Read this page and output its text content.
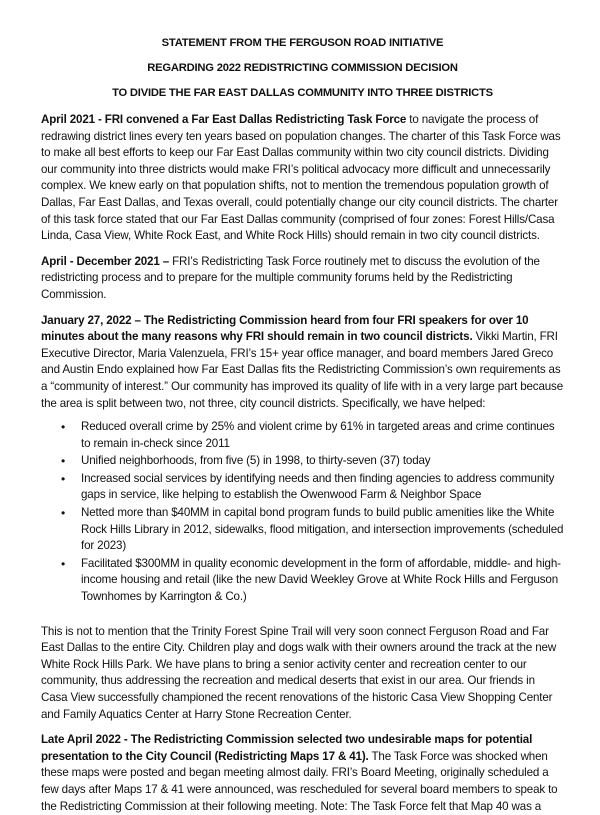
STATEMENT FROM THE FERGUSON ROAD INITIATIVE
REGARDING 2022 REDISTRICTING COMMISSION DECISION
TO DIVIDE THE FAR EAST DALLAS COMMUNITY INTO THREE DISTRICTS

April 2021 - FRI convened a Far East Dallas Redistricting Task Force to navigate the process of redrawing district lines every ten years based on population changes. The charter of this Task Force was to make all best efforts to keep our Far East Dallas community within two city council districts. Dividing our community into three districts would make FRI’s political advocacy more difficult and unnecessarily complex. We knew early on that population shifts, not to mention the tremendous population growth of Dallas, Far East Dallas, and Texas overall, could potentially change our city council districts. The charter of this task force stated that our Far East Dallas community (comprised of four zones: Forest Hills/Casa Linda, Casa View, White Rock East, and White Rock Hills) should remain in two city council districts.

April - December 2021 – FRI’s Redistricting Task Force routinely met to discuss the evolution of the redistricting process and to prepare for the multiple community forums held by the Redistricting Commission.

January 27, 2022 – The Redistricting Commission heard from four FRI speakers for over 10 minutes about the many reasons why FRI should remain in two council districts. Vikki Martin, FRI Executive Director, Maria Valenzuela, FRI’s 15+ year office manager, and board members Jared Greco and Austin Endo explained how Far East Dallas fits the Redistricting Commission’s own requirements as a “community of interest.” Our community has improved its quality of life with in a very large part because the area is split between two, not three, city council districts. Specifically, we have helped:

• Reduced overall crime by 25% and violent crime by 61% in targeted areas and crime continues to remain in-check since 2011
• Unified neighborhoods, from five (5) in 1998, to thirty-seven (37) today
• Increased social services by identifying needs and then finding agencies to address community gaps in service, like helping to establish the Owenwood Farm & Neighbor Space
• Netted more than $40MM in capital bond program funds to build public amenities like the White Rock Hills Library in 2012, sidewalks, flood mitigation, and intersection improvements (scheduled for 2023)
• Facilitated $300MM in quality economic development in the form of affordable, middle- and high-income housing and retail (like the new David Weekley Grove at White Rock Hills and Ferguson Townhomes by Karrington & Co.)

This is not to mention that the Trinity Forest Spine Trail will very soon connect Ferguson Road and Far East Dallas to the entire City. Children play and dogs walk with their owners around the track at the new White Rock Hills Park. We have plans to bring a senior activity center and recreation center to our community, thus addressing the recreation and medical deserts that exist in our area. Our friends in Casa View successfully championed the recent renovations of the historic Casa View Shopping Center and Family Aquatics Center at Harry Stone Recreation Center.

Late April 2022 - The Redistricting Commission selected two undesirable maps for potential presentation to the City Council (Redistricting Maps 17 & 41). The Task Force was shocked when these maps were posted and began meeting almost daily. FRI’s Board Meeting, originally scheduled a few days after Maps 17 & 41 were announced, was rescheduled for several board members to speak to the Redistricting Commission at their following meeting. Note: The Task Force felt that Map 40 was a
